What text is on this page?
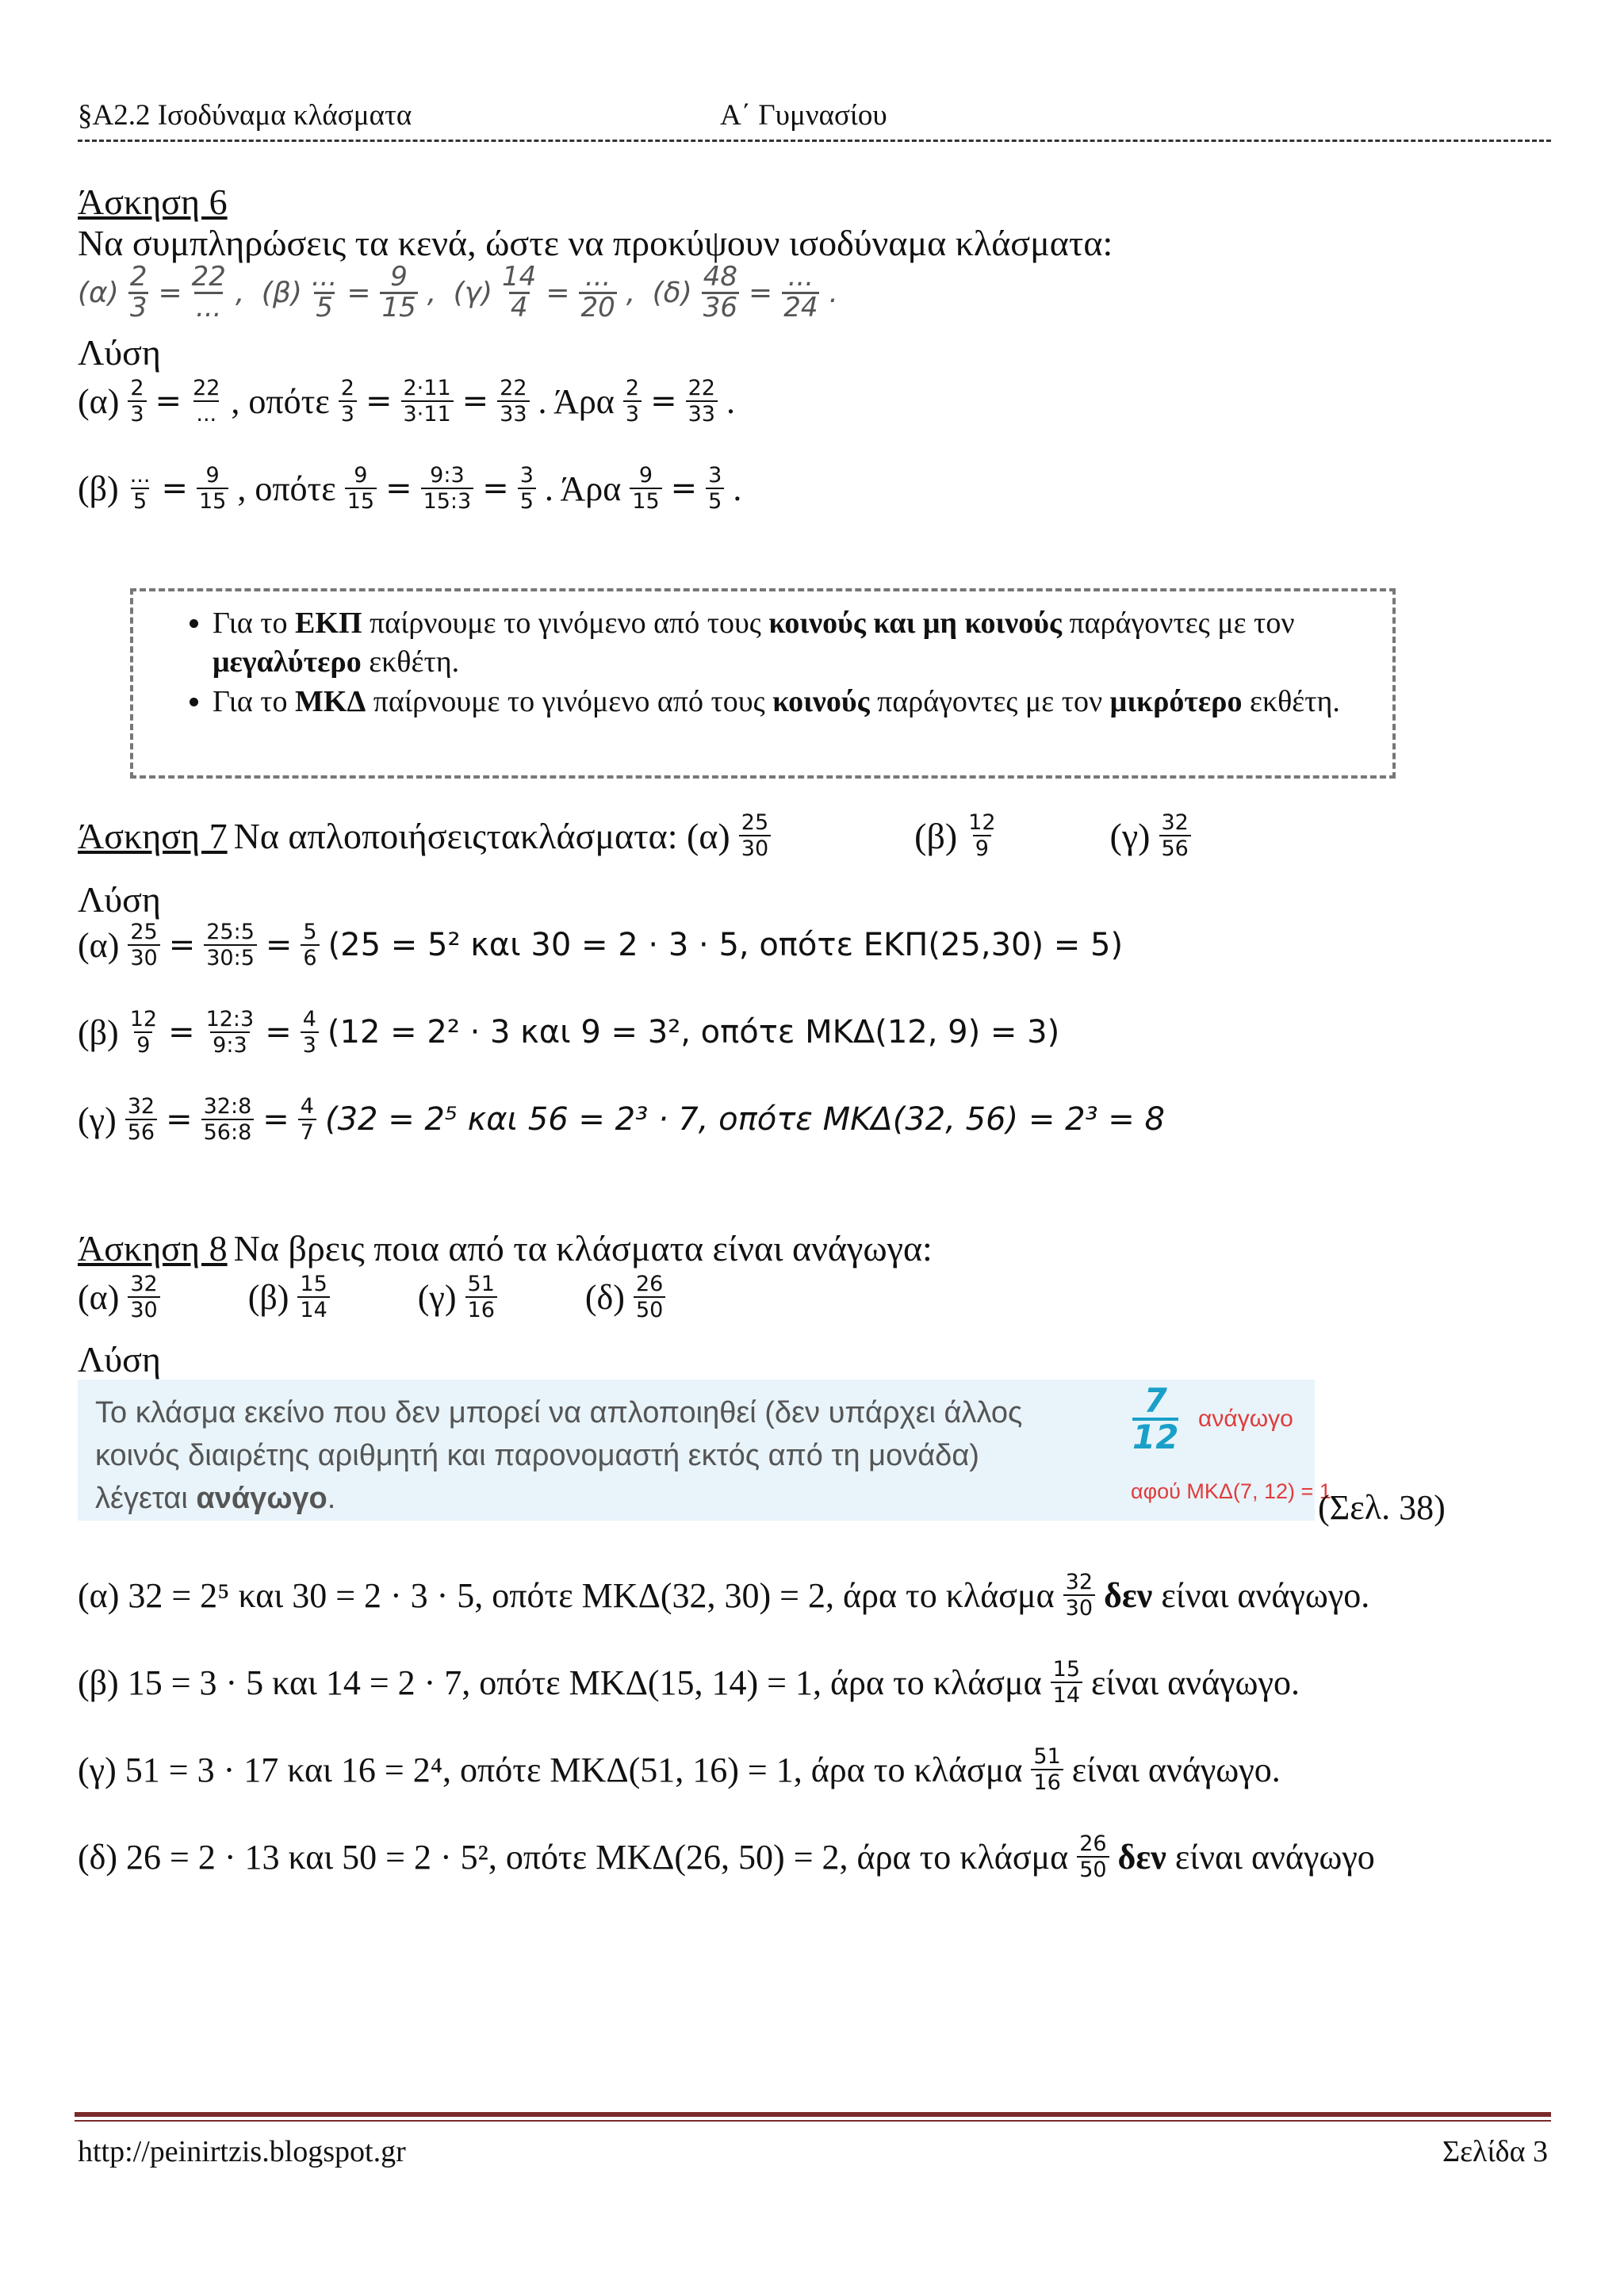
§Α2.2 Ισοδύναμα κλάσματα	Α΄ Γυμνασίου
Άσκηση 6
Να συμπληρώσεις τα κενά, ώστε να προκύψουν ισοδύναμα κλάσματα:
$(\alpha) \frac{2}{3} = \frac{22}{...}$ , $(\beta) \frac{...}{5} = \frac{9}{15}$ , $(\gamma) \frac{14}{4} = \frac{...}{20}$ , $(\delta) \frac{48}{36} = \frac{...}{24}$ .
Λύση
$(\alpha) \frac{2}{3} = \frac{22}{...}$ , οπότε $\frac{2}{3} = \frac{2\cdot 11}{3\cdot 11} = \frac{22}{33}$ . Άρα $\frac{2}{3} = \frac{22}{33}$ .
$(\beta) \frac{...}{5} = \frac{9}{15}$ , οπότε $\frac{9}{15} = \frac{9:3}{15:3} = \frac{3}{5}$ . Άρα $\frac{9}{15} = \frac{3}{5}$ .
• Για το ΕΚΠ παίρνουμε το γινόμενο από τους κοινούς και μη κοινούς παράγοντες με τον μεγαλύτερο εκθέτη.
• Για το ΜΚΔ παίρνουμε το γινόμενο από τους κοινούς παράγοντες με τον μικρότερο εκθέτη.
Άσκηση 7 Να απλοποιήσειςτακλάσματα: $(\alpha) \frac{25}{30}$	$(\beta) \frac{12}{9}$	$(\gamma) \frac{32}{56}$
Λύση
$(\alpha) \frac{25}{30} = \frac{25:5}{30:5} = \frac{5}{6} (25 = 5^2$ και 30 = 2 · 3 · 5, οπότε ΕΚΠ(25,30) = 5)
$(\beta) \frac{12}{9} = \frac{12:3}{9:3} = \frac{4}{3} (12 = 2^2 \cdot 3$ και 9 = 3², οπότε ΜΚΔ(12, 9) = 3)
$(\gamma) \frac{32}{56} = \frac{32:8}{56:8} = \frac{4}{7} (32 = 2^5$ και 56 = 2³ · 7, οπότε ΜΚΔ(32, 56) = 2³ = 8
Άσκηση 8 Να βρεις ποια από τα κλάσματα είναι ανάγωγα:
$(\alpha) \frac{32}{30}$	$(\beta) \frac{15}{14}$	$(\gamma) \frac{51}{16}$	$(\delta) \frac{26}{50}$
Λύση
Το κλάσμα εκείνο που δεν μπορεί να απλοποιηθεί (δεν υπάρχει άλλος κοινός διαιρέτης αριθμητή και παρονομαστή εκτός από τη μονάδα) λέγεται ανάγωγο.
$\frac{7}{12}$ ανάγωγο
αφού ΜΚΔ(7, 12) = 1
(Σελ. 38)
(α) 32 = 2⁵ και 30 = 2 · 3 · 5, οπότε ΜΚΔ(32, 30) = 2, άρα το κλάσμα $\frac{32}{30}$ δεν είναι ανάγωγο.
(β) 15 = 3 · 5 και 14 = 2 · 7, οπότε ΜΚΔ(15, 14) = 1, άρα το κλάσμα $\frac{15}{14}$ είναι ανάγωγο.
(γ) 51 = 3 · 17 και 16 = 2⁴, οπότε ΜΚΔ(51, 16) = 1, άρα το κλάσμα $\frac{51}{16}$ είναι ανάγωγο.
(δ) 26 = 2 · 13 και 50 = 2 · 5², οπότε ΜΚΔ(26, 50) = 2, άρα το κλάσμα $\frac{26}{50}$ δεν είναι ανάγωγο
http://peinirtzis.blogspot.gr	Σελίδα 3
